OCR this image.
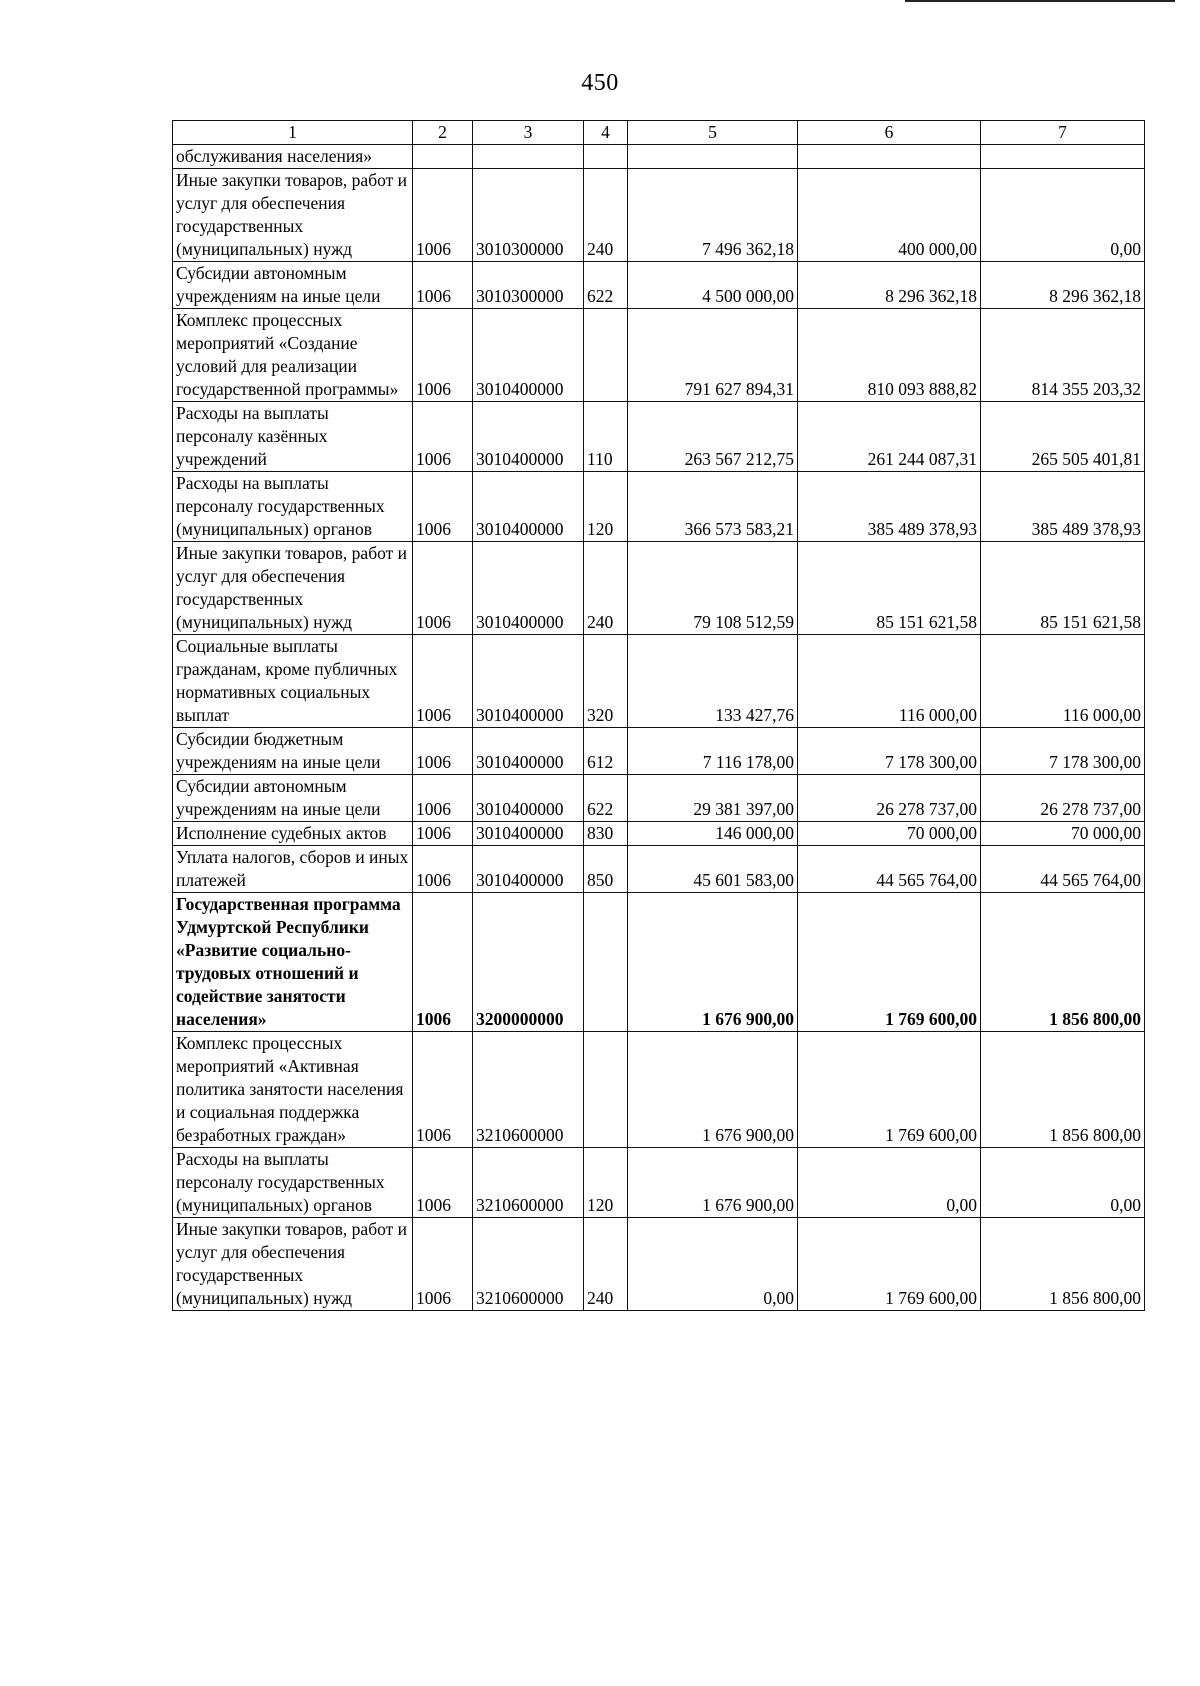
450
1	2	3	4	5	6	7
обслуживания населения»						
Иные закупки товаров, работ и услуг для обеспечения государственных (муниципальных) нужд	1006	3010300000	240	7 496 362,18	400 000,00	0,00
Субсидии автономным учреждениям на иные цели	1006	3010300000	622	4 500 000,00	8 296 362,18	8 296 362,18
Комплекс процессных мероприятий «Создание условий для реализации государственной программы»	1006	3010400000		791 627 894,31	810 093 888,82	814 355 203,32
Расходы на выплаты персоналу казённых учреждений	1006	3010400000	110	263 567 212,75	261 244 087,31	265 505 401,81
Расходы на выплаты персоналу государственных (муниципальных) органов	1006	3010400000	120	366 573 583,21	385 489 378,93	385 489 378,93
Иные закупки товаров, работ и услуг для обеспечения государственных (муниципальных) нужд	1006	3010400000	240	79 108 512,59	85 151 621,58	85 151 621,58
Социальные выплаты гражданам, кроме публичных нормативных социальных выплат	1006	3010400000	320	133 427,76	116 000,00	116 000,00
Субсидии бюджетным учреждениям на иные цели	1006	3010400000	612	7 116 178,00	7 178 300,00	7 178 300,00
Субсидии автономным учреждениям на иные цели	1006	3010400000	622	29 381 397,00	26 278 737,00	26 278 737,00
Исполнение судебных актов	1006	3010400000	830	146 000,00	70 000,00	70 000,00
Уплата налогов, сборов и иных платежей	1006	3010400000	850	45 601 583,00	44 565 764,00	44 565 764,00
Государственная программа Удмуртской Республики «Развитие социально-трудовых отношений и содействие занятости населения»	1006	3200000000		1 676 900,00	1 769 600,00	1 856 800,00
Комплекс процессных мероприятий «Активная политика занятости населения и социальная поддержка безработных граждан»	1006	3210600000		1 676 900,00	1 769 600,00	1 856 800,00
Расходы на выплаты персоналу государственных (муниципальных) органов	1006	3210600000	120	1 676 900,00	0,00	0,00
Иные закупки товаров, работ и услуг для обеспечения государственных (муниципальных) нужд	1006	3210600000	240	0,00	1 769 600,00	1 856 800,00
